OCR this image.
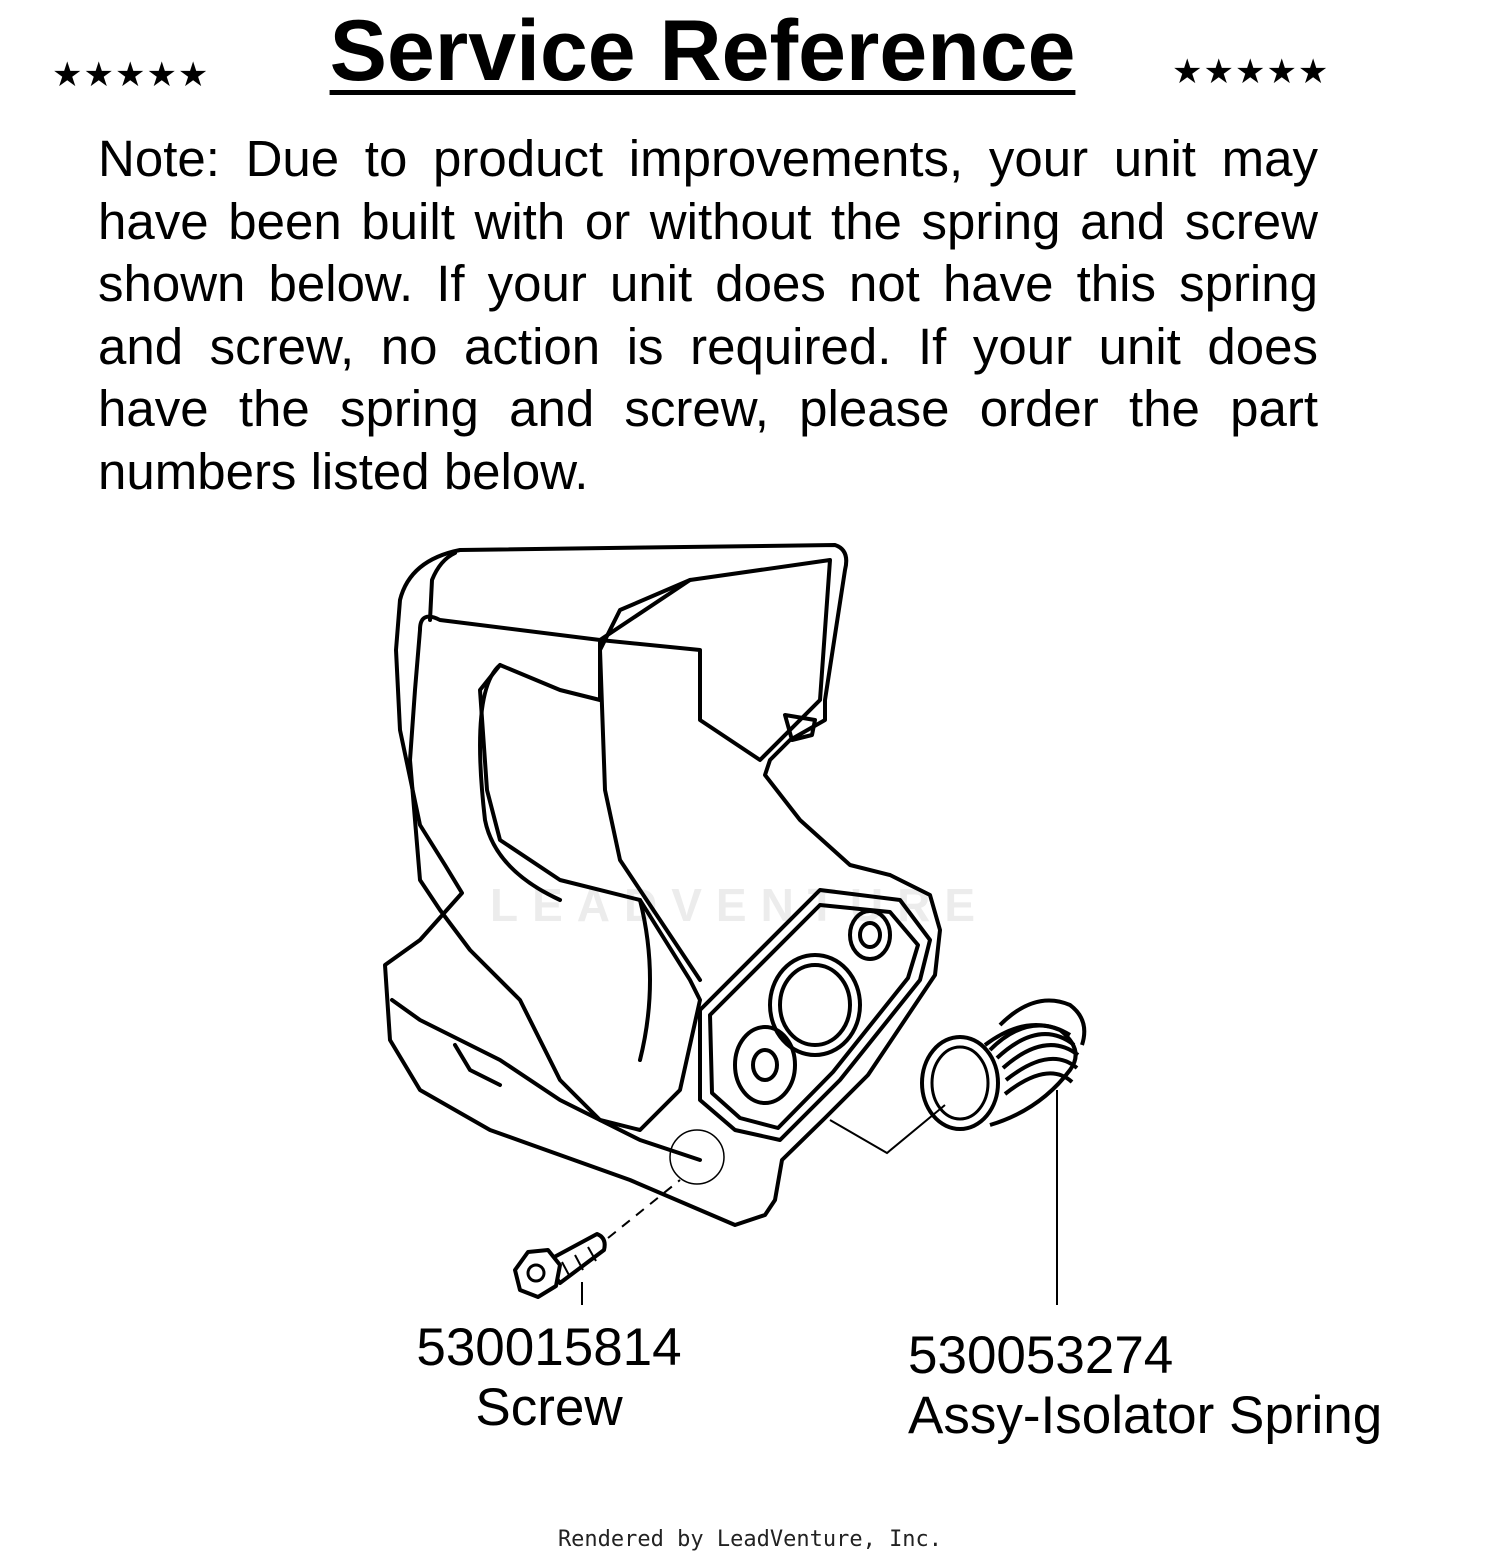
★★★★★	Service Reference	★★★★★

Note: Due to product improvements, your unit may have been built with or without the spring and screw shown below. If your unit does not have this spring and screw, no action is required. If your unit does have the spring and screw, please order the part numbers listed below.

LEADVENTURE
530015814
Screw
530053274
Assy-Isolator Spring
Rendered by LeadVenture, Inc.
